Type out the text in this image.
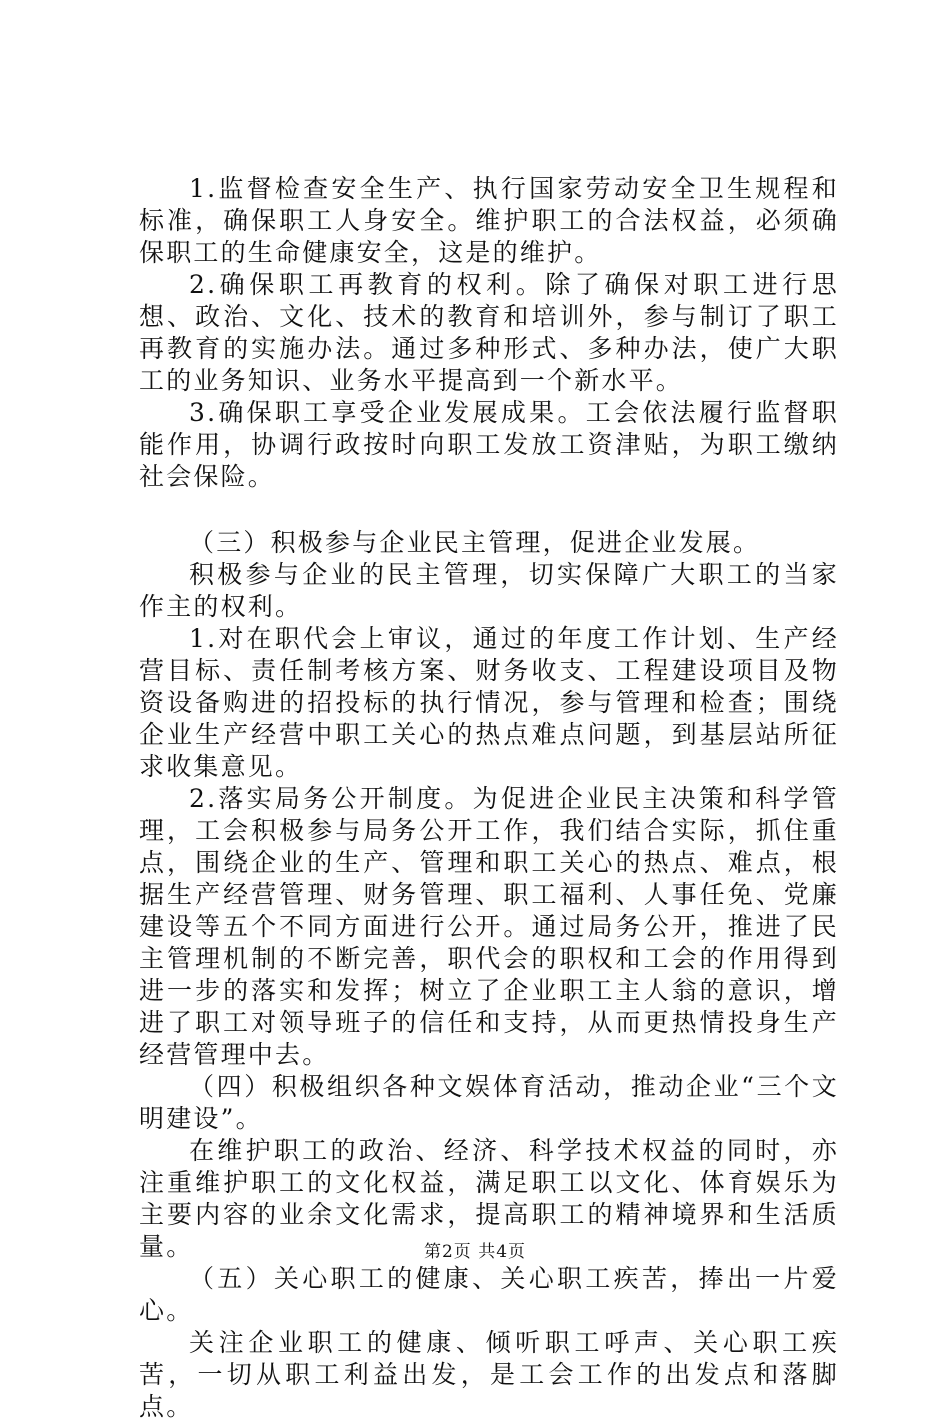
1.监督检查安全生产、执行国家劳动安全卫生规程和标准，确保职工人身安全。维护职工的合法权益，必须确保职工的生命健康安全，这是的维护。

2.确保职工再教育的权利。除了确保对职工进行思想、政治、文化、技术的教育和培训外，参与制订了职工再教育的实施办法。通过多种形式、多种办法，使广大职工的业务知识、业务水平提高到一个新水平。

3.确保职工享受企业发展成果。工会依法履行监督职能作用，协调行政按时向职工发放工资津贴，为职工缴纳社会保险。

（三）积极参与企业民主管理，促进企业发展。

积极参与企业的民主管理，切实保障广大职工的当家作主的权利。

1.对在职代会上审议，通过的年度工作计划、生产经营目标、责任制考核方案、财务收支、工程建设项目及物资设备购进的招投标的执行情况，参与管理和检查；围绕企业生产经营中职工关心的热点难点问题，到基层站所征求收集意见。

2.落实局务公开制度。为促进企业民主决策和科学管理，工会积极参与局务公开工作，我们结合实际，抓住重点，围绕企业的生产、管理和职工关心的热点、难点，根据生产经营管理、财务管理、职工福利、人事任免、党廉建设等五个不同方面进行公开。通过局务公开，推进了民主管理机制的不断完善，职代会的职权和工会的作用得到进一步的落实和发挥；树立了企业职工主人翁的意识，增进了职工对领导班子的信任和支持，从而更热情投身生产经营管理中去。

（四）积极组织各种文娱体育活动，推动企业“三个文明建设”。

在维护职工的政治、经济、科学技术权益的同时，亦注重维护职工的文化权益，满足职工以文化、体育娱乐为主要内容的业余文化需求，提高职工的精神境界和生活质量。

（五）关心职工的健康、关心职工疾苦，捧出一片爱心。

关注企业职工的健康、倾听职工呼声、关心职工疾苦，一切从职工利益出发，是工会工作的出发点和落脚点。

第2页 共4页
